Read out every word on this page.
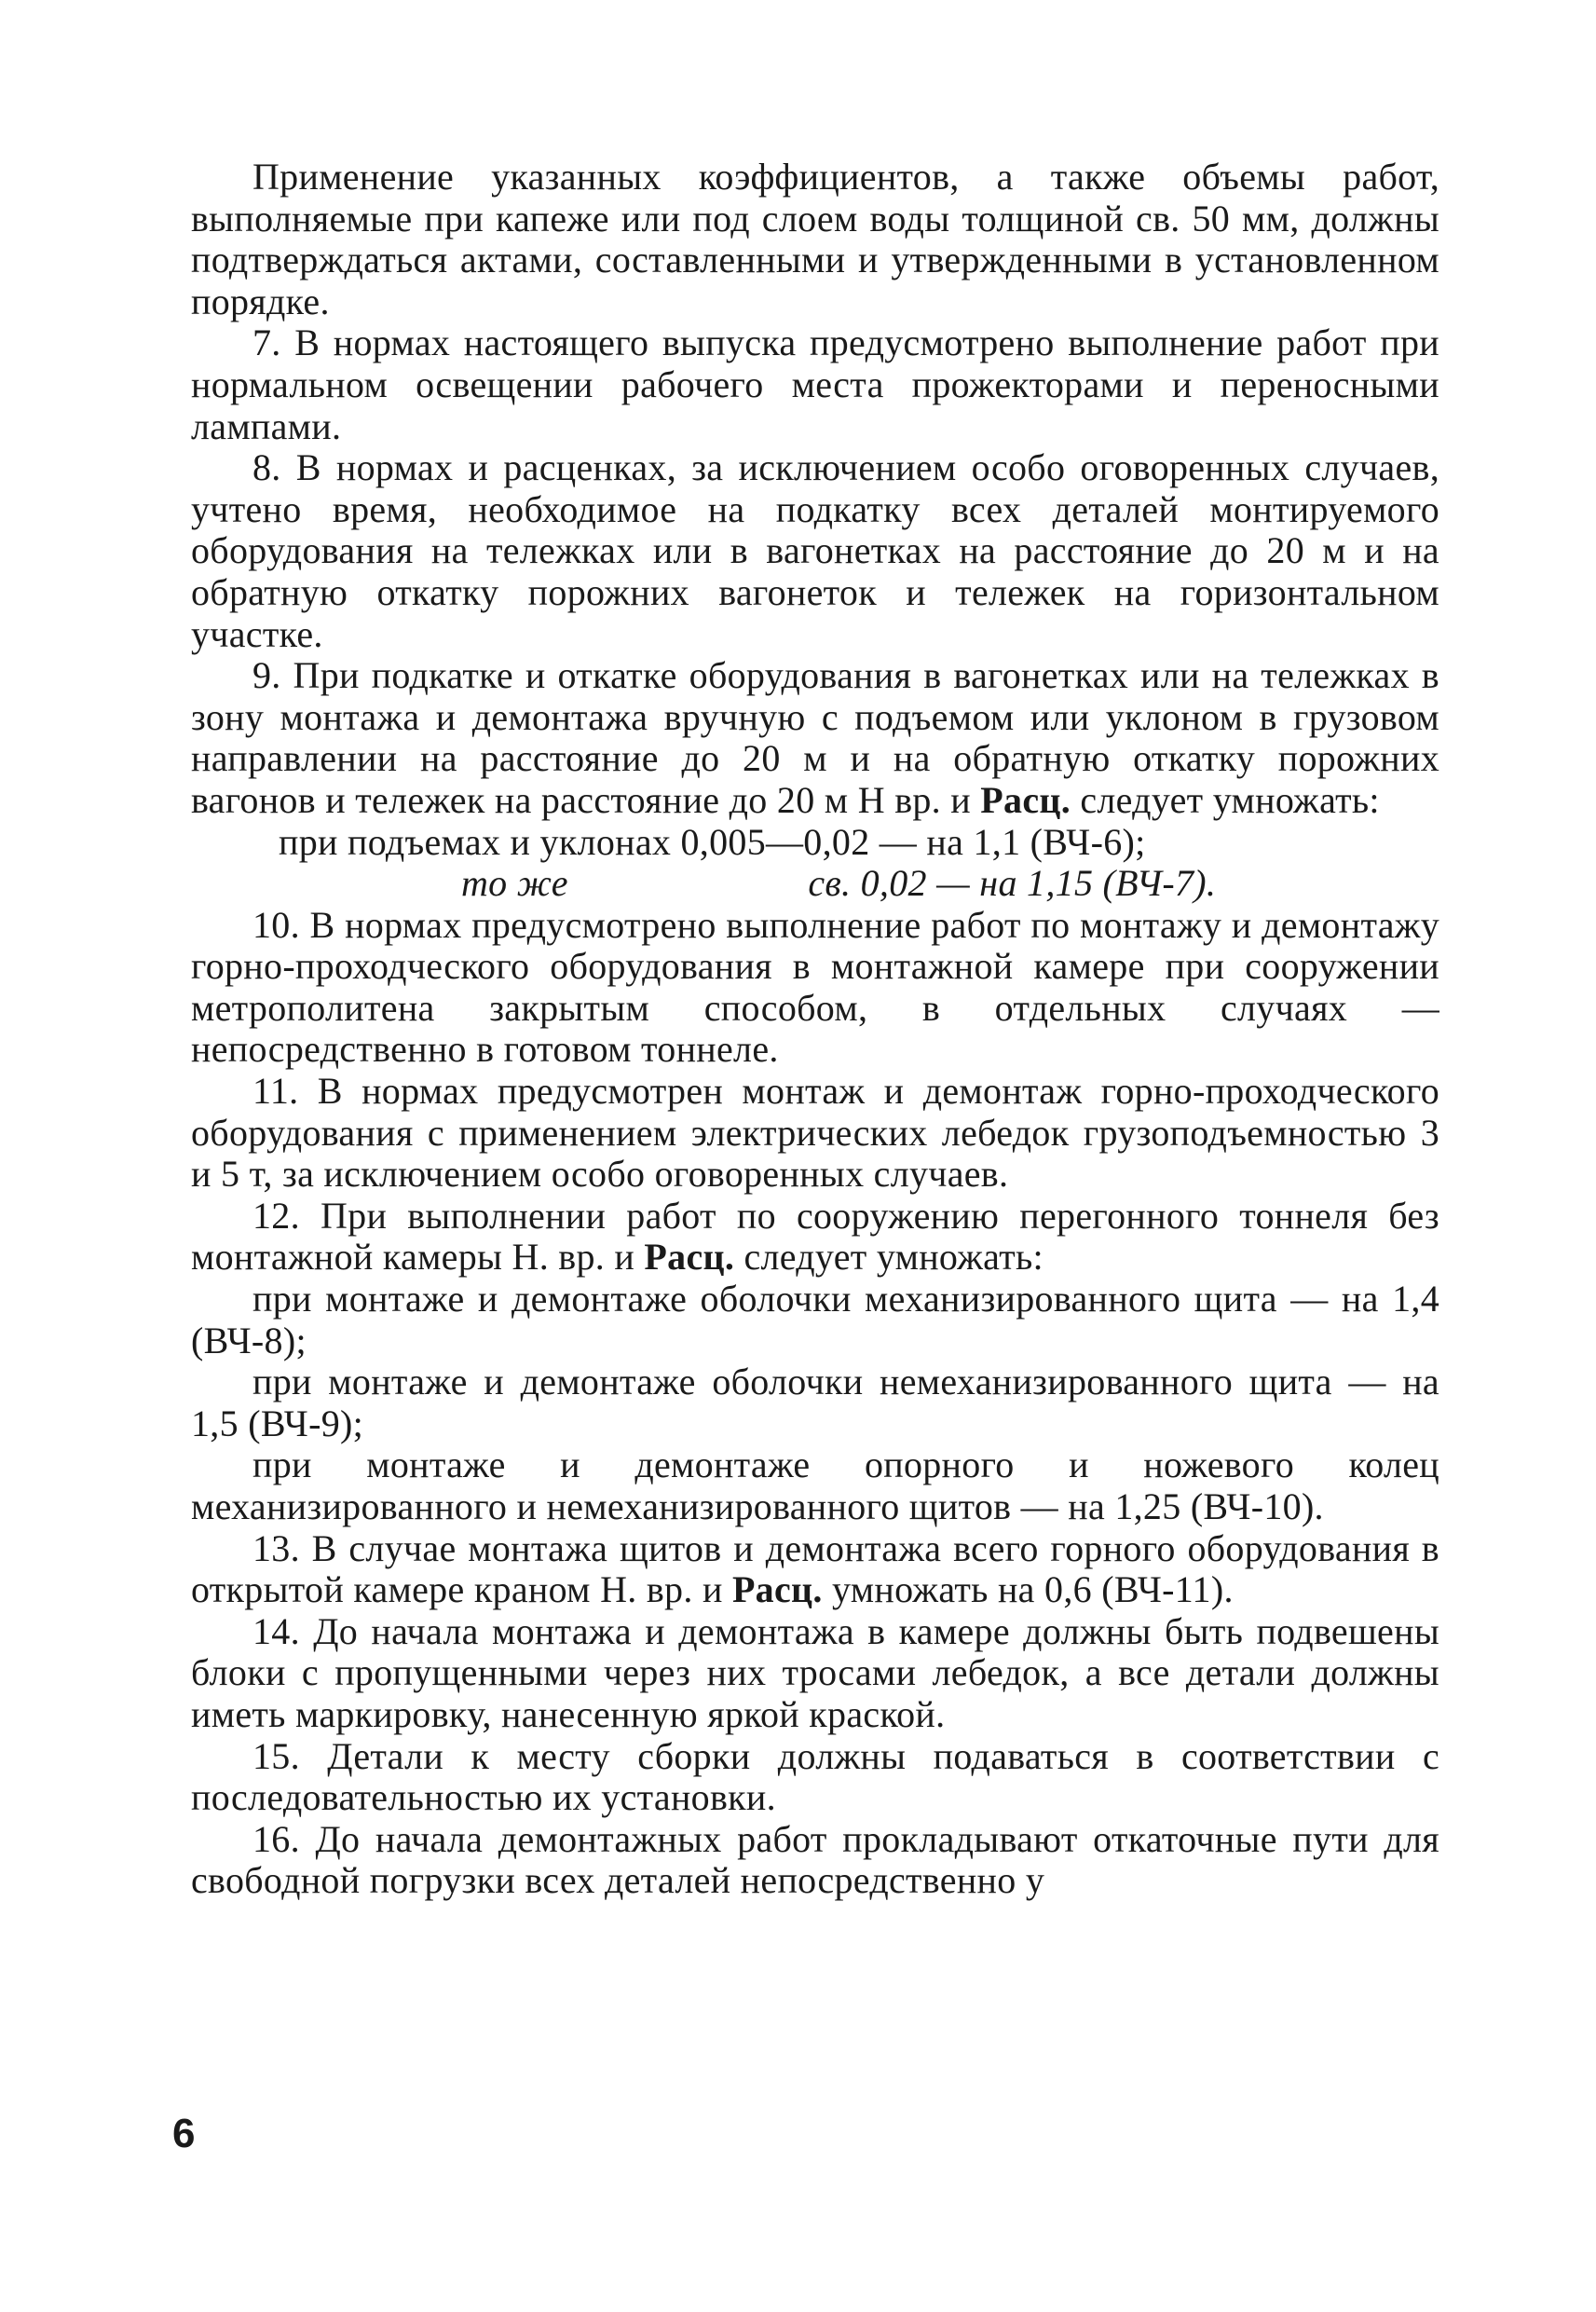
Применение указанных коэффициентов, а также объемы работ, выполняемые при капеже или под слоем воды толщиной св. 50 мм, должны подтверждаться актами, составленными и утвержденными в установленном порядке.

7. В нормах настоящего выпуска предусмотрено выполнение работ при нормальном освещении рабочего места прожекторами и переносными лампами.

8. В нормах и расценках, за исключением особо оговоренных случаев, учтено время, необходимое на подкатку всех деталей монтируемого оборудования на тележках или в вагонетках на расстояние до 20 м и на обратную откатку порожних вагонеток и тележек на горизонтальном участке.

9. При подкатке и откатке оборудования в вагонетках или на тележках в зону монтажа и демонтажа вручную с подъемом или уклоном в грузовом направлении на расстояние до 20 м и на обратную откатку порожних вагонов и тележек на расстояние до 20 м Н вр. и Расц. следует умножать:

при подъемах и уклонах 0,005—0,02 — на 1,1 (ВЧ-6);

то же                         св. 0,02 — на 1,15 (ВЧ-7).

10. В нормах предусмотрено выполнение работ по монтажу и демонтажу горно-проходческого оборудования в монтажной камере при сооружении метрополитена закрытым способом, в отдельных случаях — непосредственно в готовом тоннеле.

11. В нормах предусмотрен монтаж и демонтаж горно-проходческого оборудования с применением электрических лебедок грузоподъемностью 3 и 5 т, за исключением особо оговоренных случаев.

12. При выполнении работ по сооружению перегонного тоннеля без монтажной камеры Н. вр. и Расц. следует умножать:

при монтаже и демонтаже оболочки механизированного щита — на 1,4 (ВЧ-8);

при монтаже и демонтаже оболочки немеханизированного щита — на 1,5 (ВЧ-9);

при монтаже и демонтаже опорного и ножевого колец механизированного и немеханизированного щитов — на 1,25 (ВЧ-10).

13. В случае монтажа щитов и демонтажа всего горного оборудования в открытой камере краном Н. вр. и Расц. умножать на 0,6 (ВЧ-11).

14. До начала монтажа и демонтажа в камере должны быть подвешены блоки с пропущенными через них тросами лебедок, а все детали должны иметь маркировку, нанесенную яркой краской.

15. Детали к месту сборки должны подаваться в соответствии с последовательностью их установки.

16. До начала демонтажных работ прокладывают откаточные пути для свободной погрузки всех деталей непосредственно у

6
